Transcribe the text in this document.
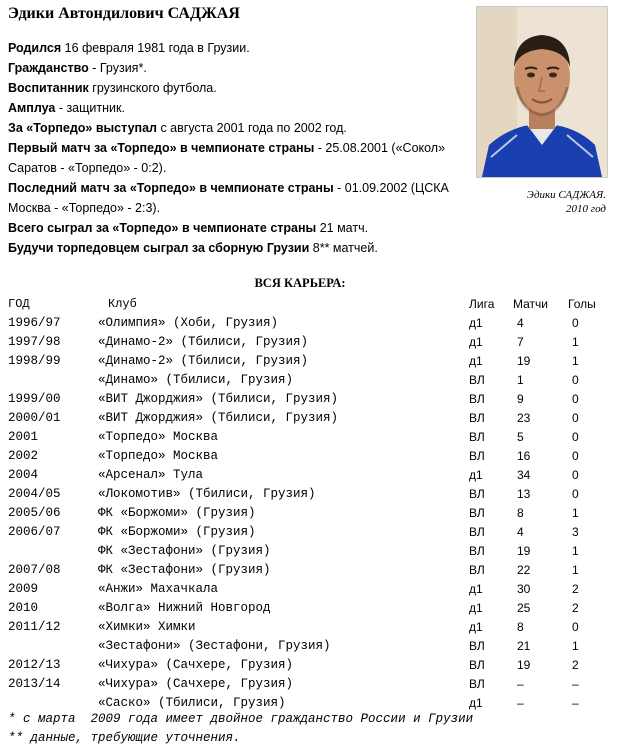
Эдики Автондилович САДЖАЯ

Родился 16 февраля 1981 года в Грузии.

Гражданство - Грузия*.

Воспитанник грузинского футбола.

Амплуа - защитник.

За «Торпедо» выступал с августа 2001 года по 2002 год.

Первый матч за «Торпедо» в чемпионате страны - 25.08.2001 («Сокол» Саратов - «Торпедо» - 0:2).

Последний матч за «Торпедо» в чемпионате страны - 01.09.2002 (ЦСКА Москва - «Торпедо» - 2:3).

Всего сыграл за «Торпедо» в чемпионате страны 21 матч.

Будучи торпедовцем сыграл за сборную Грузии 8** матчей.

Эдики САДЖАЯ.
2010 год
ВСЯ КАРЬЕРА:
ГОД	Клуб	Лига Матчи Голы
1996/97	«Олимпия» (Хоби, Грузия)	д1	4	0
1997/98	«Динамо-2» (Тбилиси, Грузия)	д1	7	1
1998/99	«Динамо-2» (Тбилиси, Грузия)	д1	19	1
«Динамо» (Тбилиси, Грузия)	ВЛ	1	0
1999/00	«ВИТ Джорджия» (Тбилиси, Грузия)	ВЛ	9	0
2000/01	«ВИТ Джорджия» (Тбилиси, Грузия)	ВЛ	23	0
2001	«Торпедо» Москва	ВЛ	5	0
2002	«Торпедо» Москва	ВЛ	16	0
2004	«Арсенал» Тула	д1	34	0
2004/05	«Локомотив» (Тбилиси, Грузия)	ВЛ	13	0
2005/06	ФК «Боржоми» (Грузия)	ВЛ	8	1
2006/07	ФК «Боржоми» (Грузия)	ВЛ	4	3
ФК «Зестафони» (Грузия)	ВЛ	19	1
2007/08	ФК «Зестафони» (Грузия)	ВЛ	22	1
2009	«Анжи» Махачкала	д1	30	2
2010	«Волга» Нижний Новгород	д1	25	2
2011/12	«Химки» Химки	д1	8	0
«Зестафони» (Зестафони, Грузия)	ВЛ	21	1
2012/13	«Чихура» (Сачхере, Грузия)	ВЛ	19	2
2013/14	«Чихура» (Сачхере, Грузия)	ВЛ	–	–
«Саско» (Тбилиси, Грузия)	д1	–	–
* с марта  2009 года имеет двойное гражданство России и Грузии
** данные, требующие уточнения.
